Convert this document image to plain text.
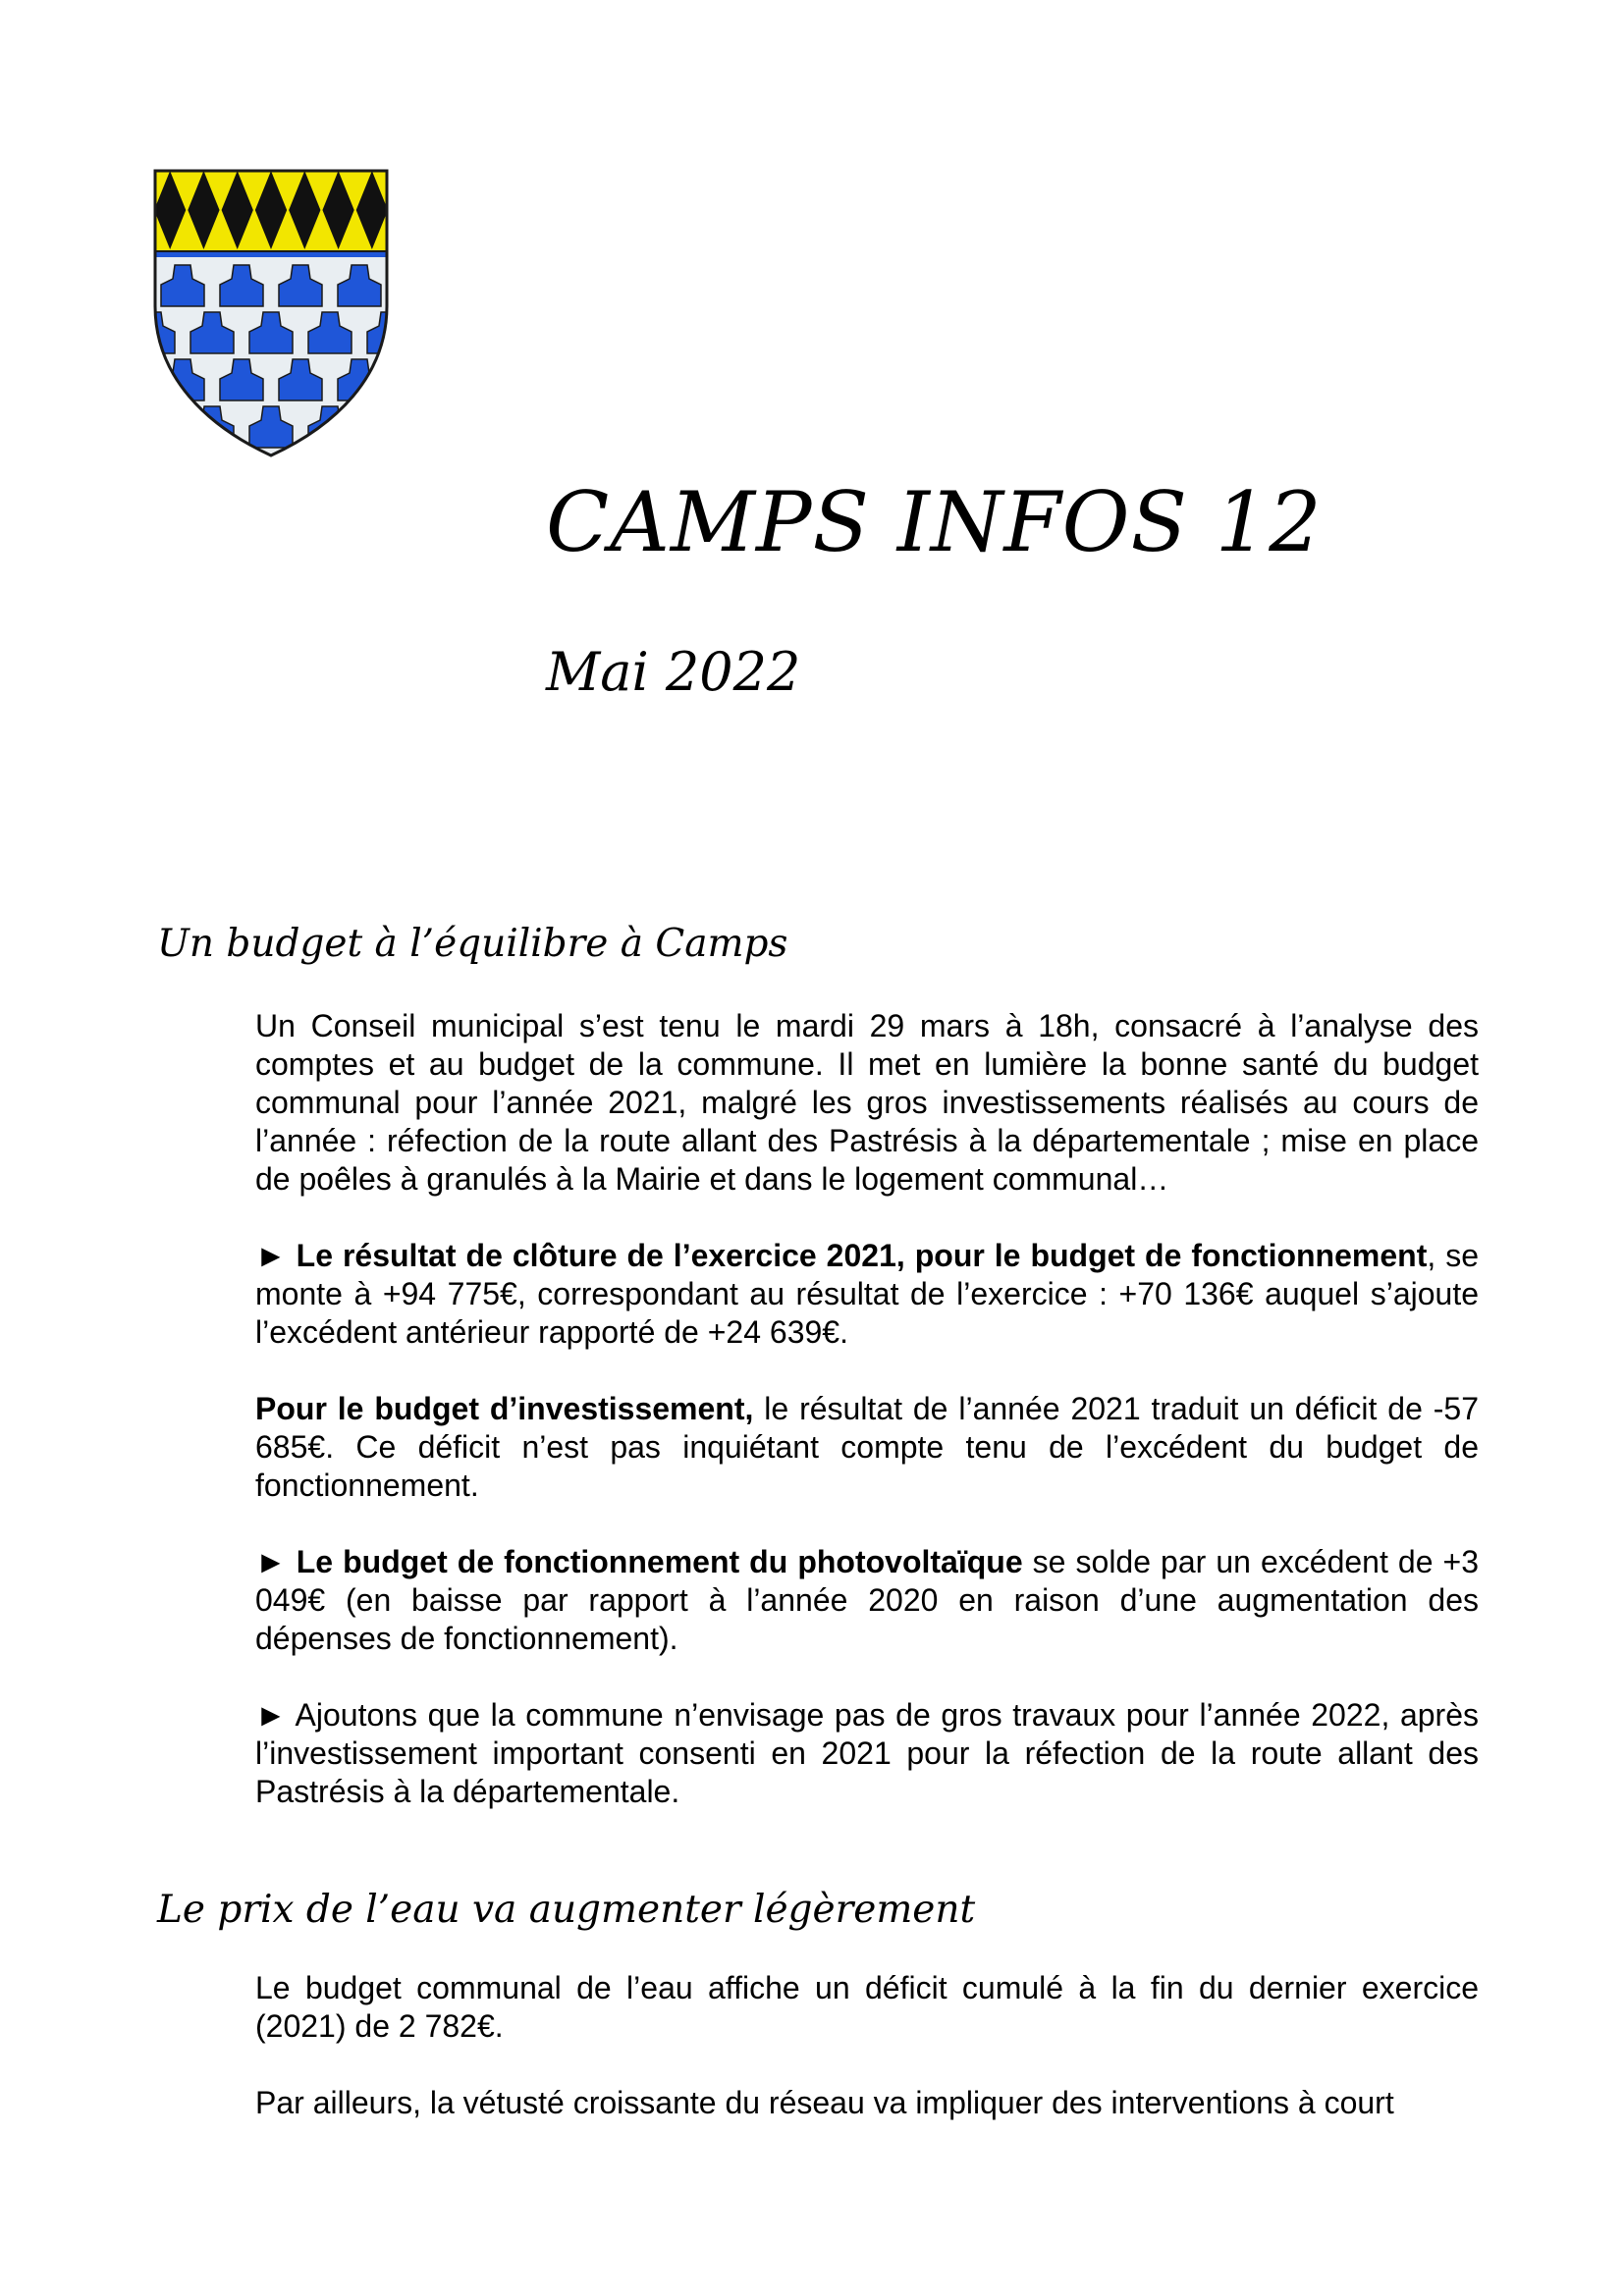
CAMPS INFOS 12
Mai 2022
Un budget à l’équilibre à Camps

Un Conseil municipal s’est tenu le mardi 29 mars à 18h, consacré à l’analyse des comptes et au budget de la commune. Il met en lumière la bonne santé du budget communal pour l’année 2021, malgré les gros investissements réalisés au cours de l’année : réfection de la route allant des Pastrésis à la départementale ; mise en place de poêles à granulés à la Mairie et dans le logement communal…

► Le résultat de clôture de l’exercice 2021, pour le budget de fonctionnement, se monte à +94 775€, correspondant au résultat de l’exercice : +70 136€ auquel s’ajoute l’excédent antérieur rapporté de +24 639€.

Pour le budget d’investissement, le résultat de l’année 2021 traduit un déficit de -57 685€. Ce déficit n’est pas inquiétant compte tenu de l’excédent du budget de fonctionnement.

► Le budget de fonctionnement du photovoltaïque se solde par un excédent de +3 049€ (en baisse par rapport à l’année 2020 en raison d’une augmentation des dépenses de fonctionnement).

► Ajoutons que la commune n’envisage pas de gros travaux pour l’année 2022, après l’investissement important consenti en 2021 pour la réfection de la route allant des Pastrésis à la départementale.

Le prix de l’eau va augmenter légèrement

Le budget communal de l’eau affiche un déficit cumulé à la fin du dernier exercice (2021) de 2 782€.

Par ailleurs, la vétusté croissante du réseau va impliquer des interventions à court
